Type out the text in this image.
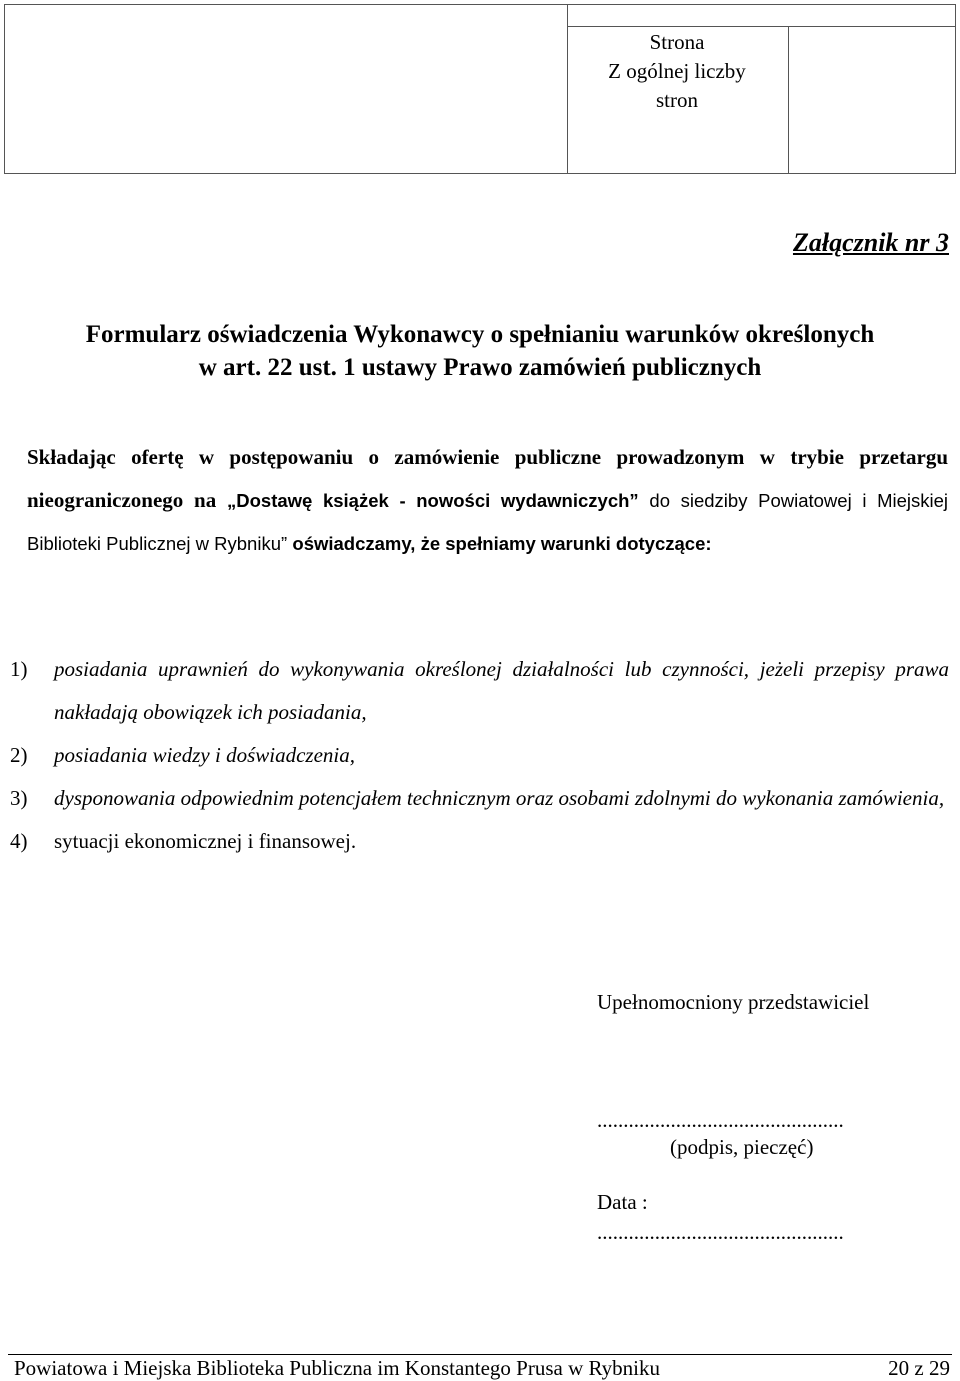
Strona
Z ogólnej liczby
stron
Załącznik nr 3
Formularz oświadczenia Wykonawcy o spełnianiu warunków określonych
w art. 22 ust. 1 ustawy Prawo zamówień publicznych
Składając ofertę w postępowaniu o zamówienie publiczne prowadzonym w trybie przetargu nieograniczonego na „Dostawę książek - nowości wydawniczych” do siedziby Powiatowej i Miejskiej Biblioteki Publicznej w Rybniku” oświadczamy, że spełniamy warunki dotyczące:
1)	posiadania uprawnień do wykonywania określonej działalności lub czynności, jeżeli przepisy prawa nakładają obowiązek ich posiadania,
2)	posiadania wiedzy i doświadczenia,
3)	dysponowania odpowiednim potencjałem technicznym oraz osobami zdolnymi do wykonania zamówienia,
4)	sytuacji ekonomicznej i finansowej.
Upełnomocniony przedstawiciel
...............................................
(podpis, pieczęć)
Data :
...............................................
Powiatowa i Miejska Biblioteka Publiczna im Konstantego Prusa w Rybniku	20 z 29
